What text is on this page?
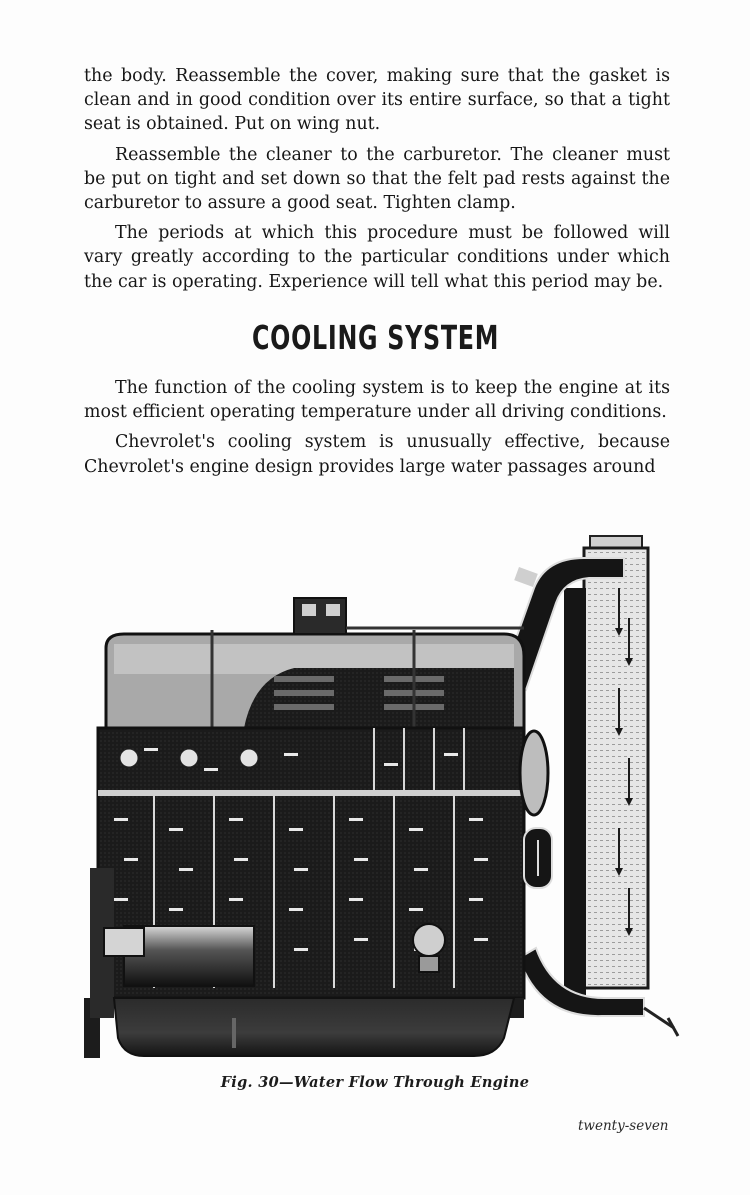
the body. Reassemble the cover, making sure that the gasket is clean and in good condition over its entire surface, so that a tight seat is obtained. Put on wing nut.

Reassemble the cleaner to the carburetor. The cleaner must be put on tight and set down so that the felt pad rests against the carburetor to assure a good seat. Tighten clamp.

The periods at which this procedure must be followed will vary greatly according to the particular conditions under which the car is operating. Experience will tell what this period may be.

COOLING SYSTEM

The function of the cooling system is to keep the engine at its most efficient operating temperature under all driving conditions.

Chevrolet's cooling system is unusually effective, because Chevrolet's engine design provides large water passages around

Fig. 30—Water Flow Through Engine
twenty-seven
